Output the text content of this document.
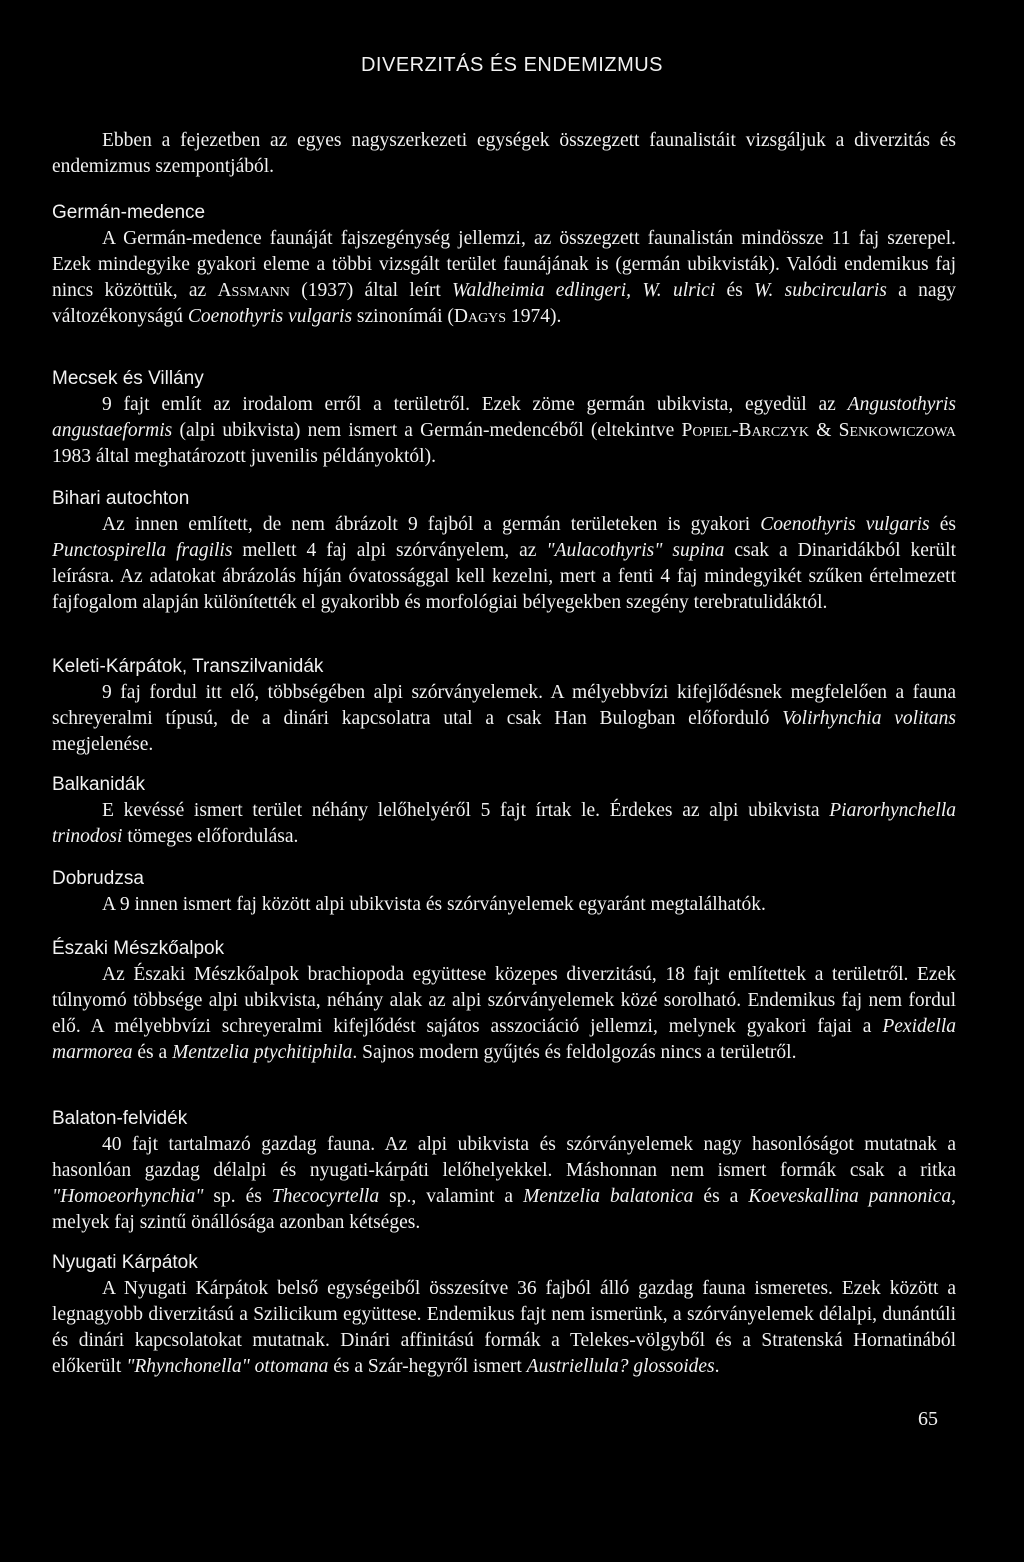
DIVERZITÁS ÉS ENDEMIZMUS

Ebben a fejezetben az egyes nagyszerkezeti egységek összegzett faunalistáit vizsgáljuk a diverzitás és endemizmus szempontjából.

Germán-medence

A Germán-medence faunáját fajszegénység jellemzi, az összegzett faunalistán mindössze 11 faj szerepel. Ezek mindegyike gyakori eleme a többi vizsgált terület faunájának is (germán ubikvisták). Valódi endemikus faj nincs közöttük, az Assmann (1937) által leírt Waldheimia edlingeri, W. ulrici és W. subcircularis a nagy változékonyságú Coenothyris vulgaris szinonímái (Dagys 1974).

Mecsek és Villány

9 fajt említ az irodalom erről a területről. Ezek zöme germán ubikvista, egyedül az Angustothyris angustaeformis (alpi ubikvista) nem ismert a Germán-medencéből (eltekintve Popiel-Barczyk & Senkowiczowa 1983 által meghatározott juvenilis példányoktól).

Bihari autochton

Az innen említett, de nem ábrázolt 9 fajból a germán területeken is gyakori Coenothyris vulgaris és Punctospirella fragilis mellett 4 faj alpi szórványelem, az "Aulacothyris" supina csak a Dinaridákból került leírásra. Az adatokat ábrázolás híján óvatossággal kell kezelni, mert a fenti 4 faj mindegyikét szűken értelmezett fajfogalom alapján különítették el gyakoribb és morfológiai bélyegekben szegény terebratulidáktól.

Keleti-Kárpátok, Transzilvanidák

9 faj fordul itt elő, többségében alpi szórványelemek. A mélyebbvízi kifejlődésnek megfelelően a fauna schreyeralmi típusú, de a dinári kapcsolatra utal a csak Han Bulogban előforduló Volirhynchia volitans megjelenése.

Balkanidák

E kevéssé ismert terület néhány lelőhelyéről 5 fajt írtak le. Érdekes az alpi ubikvista Piarorhynchella trinodosi tömeges előfordulása.

Dobrudzsa

A 9 innen ismert faj között alpi ubikvista és szórványelemek egyaránt megtalálhatók.

Északi Mészkőalpok

Az Északi Mészkőalpok brachiopoda együttese közepes diverzitású, 18 fajt említettek a területről. Ezek túlnyomó többsége alpi ubikvista, néhány alak az alpi szórványelemek közé sorolható. Endemikus faj nem fordul elő. A mélyebbvízi schreyeralmi kifejlődést sajátos asszociáció jellemzi, melynek gyakori fajai a Pexidella marmorea és a Mentzelia ptychitiphila. Sajnos modern gyűjtés és feldolgozás nincs a területről.

Balaton-felvidék

40 fajt tartalmazó gazdag fauna. Az alpi ubikvista és szórványelemek nagy hasonlóságot mutatnak a hasonlóan gazdag délalpi és nyugati-kárpáti lelőhelyekkel. Máshonnan nem ismert formák csak a ritka "Homoeorhynchia" sp. és Thecocyrtella sp., valamint a Mentzelia balatonica és a Koeveskallina pannonica, melyek faj szintű önállósága azonban kétséges.

Nyugati Kárpátok

A Nyugati Kárpátok belső egységeiből összesítve 36 fajból álló gazdag fauna ismeretes. Ezek között a legnagyobb diverzitású a Szilicikum együttese. Endemikus fajt nem ismerünk, a szórványelemek délalpi, dunántúli és dinári kapcsolatokat mutatnak. Dinári affinitású formák a Telekes-völgyből és a Stratenská Hornatinából előkerült "Rhynchonella" ottomana és a Szár-hegyről ismert Austriellula? glossoides.

65
